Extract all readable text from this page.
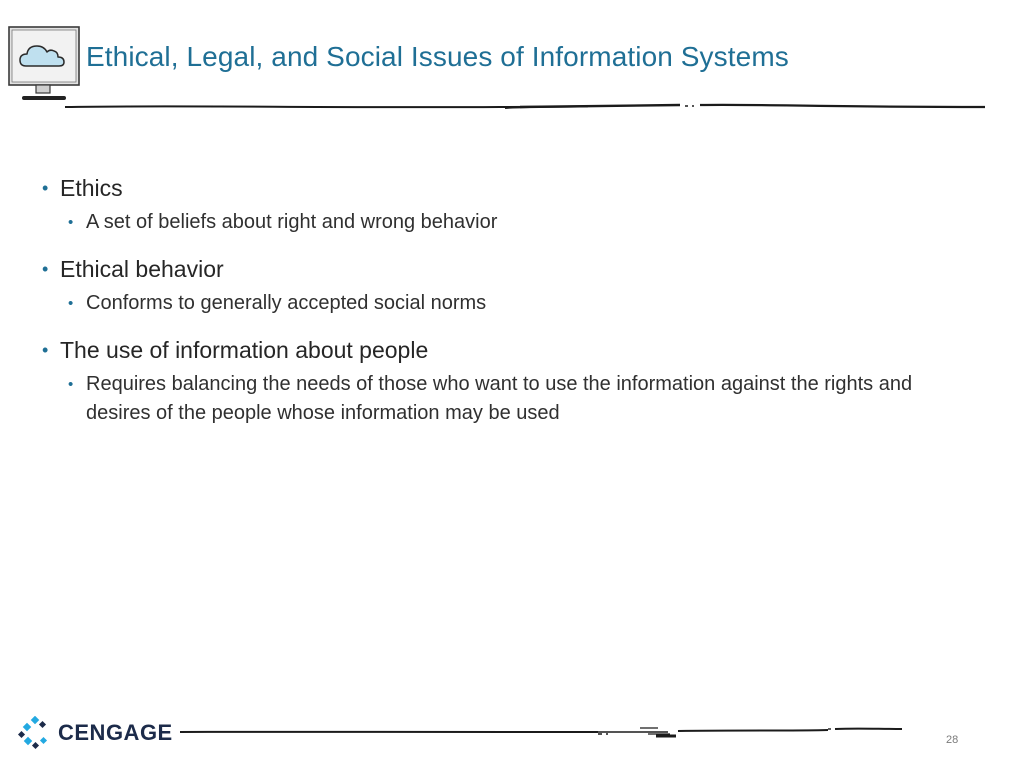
Ethical, Legal, and Social Issues of Information Systems
• Ethics
• A set of beliefs about right and wrong behavior
• Ethical behavior
• Conforms to generally accepted social norms
• The use of information about people
• Requires balancing the needs of those who want to use the information against the rights and desires of the people whose information may be used
CENGAGE	28
